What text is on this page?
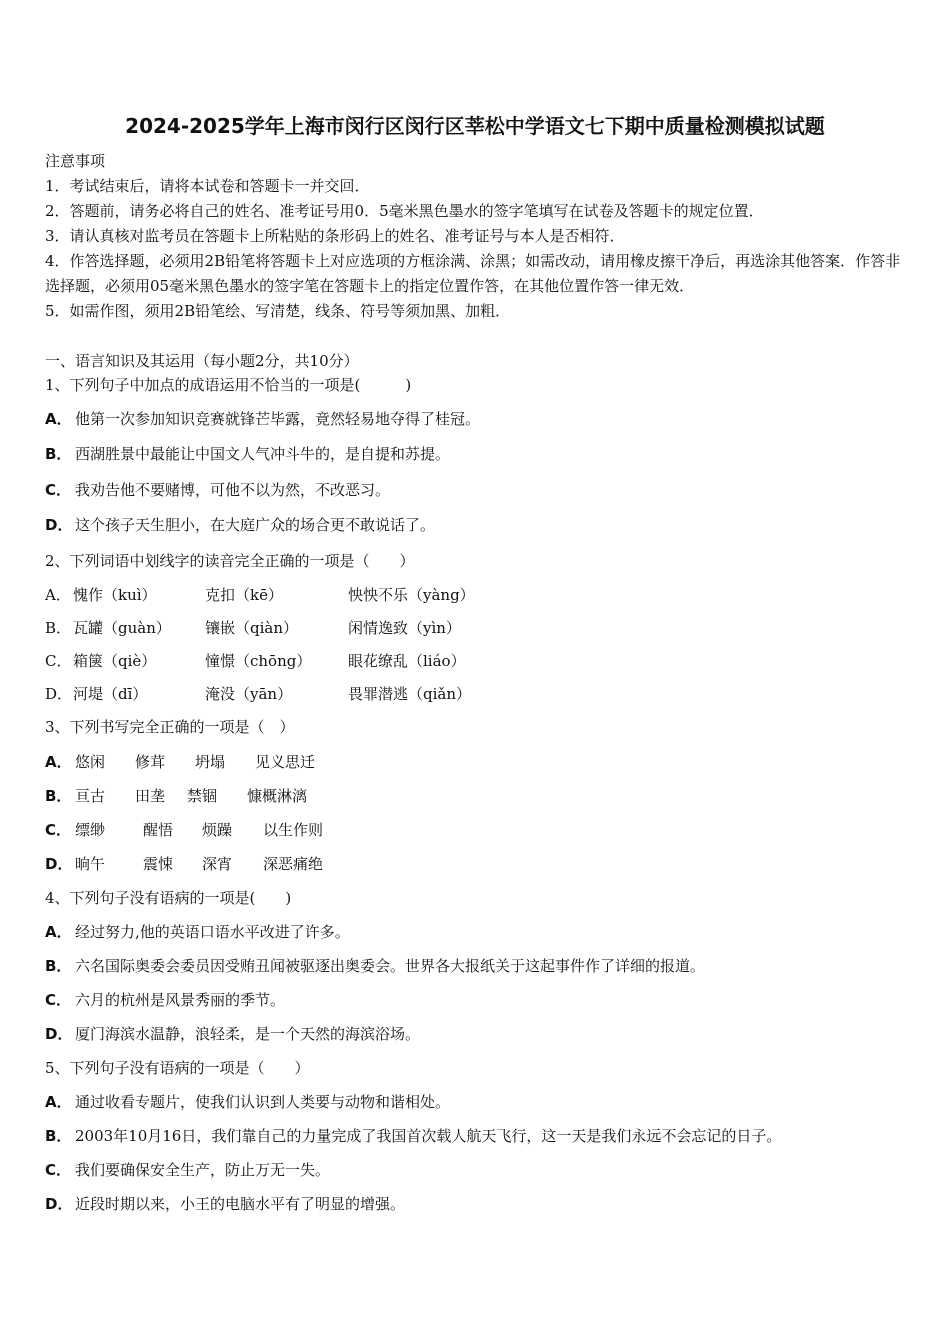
2024-2025学年上海市闵行区闵行区莘松中学语文七下期中质量检测模拟试题
注意事项
1．考试结束后，请将本试卷和答题卡一并交回．
2．答题前，请务必将自己的姓名、准考证号用0．5毫米黑色墨水的签字笔填写在试卷及答题卡的规定位置．
3．请认真核对监考员在答题卡上所粘贴的条形码上的姓名、准考证号与本人是否相符．
4．作答选择题，必须用2B铅笔将答题卡上对应选项的方框涂满、涂黑；如需改动，请用橡皮擦干净后，再选涂其他答案．作答非选择题，必须用05毫米黑色墨水的签字笔在答题卡上的指定位置作答，在其他位置作答一律无效．
5．如需作图，须用2B铅笔绘、写清楚，线条、符号等须加黑、加粗．
一、语言知识及其运用（每小题2分，共10分）
1、下列句子中加点的成语运用不恰当的一项是(　　　)
A． 他第一次参加知识竞赛就锋芒毕露，竟然轻易地夺得了桂冠。
B． 西湖胜景中最能让中国文人气冲斗牛的，是自提和苏提。
C． 我劝告他不要赌博，可他不以为然，不改恶习。
D． 这个孩子天生胆小，在大庭广众的场合更不敢说话了。
2、下列词语中划线字的读音完全正确的一项是（　　）
A． 愧作（kuì）	克扣（kē）	怏怏不乐（yàng）
B． 瓦罐（guàn） 镶嵌（qiàn）	闲情逸致（yìn）
C． 箱箧（qiè）	憧憬（chōng） 眼花缭乱（liáo）
D．河堤（dī）	淹没（yān）	畏罪潜逃（qiǎn）
3、下列书写完全正确的一项是（　）
A． 悠闲 修茸 坍塌 见义思迁
B． 亘古 田垄 禁锢 慷概淋漓
C． 缥缈	醒悟 烦躁 以生作则
D． 晌午	震悚 深宵 深恶痛绝
4、下列句子没有语病的一项是(　　)
A． 经过努力,他的英语口语水平改进了许多。
B． 六名国际奥委会委员因受贿丑闻被驱逐出奥委会。世界各大报纸关于这起事件作了详细的报道。
C． 六月的杭州是风景秀丽的季节。
D． 厦门海滨水温静，浪轻柔，是一个天然的海滨浴场。
5、下列句子没有语病的一项是（　　）
A． 通过收看专题片，使我们认识到人类要与动物和谐相处。
B． 2003年10月16日，我们靠自己的力量完成了我国首次载人航天飞行，这一天是我们永远不会忘记的日子。
C． 我们要确保安全生产，防止万无一失。
D． 近段时期以来，小王的电脑水平有了明显的增强。
